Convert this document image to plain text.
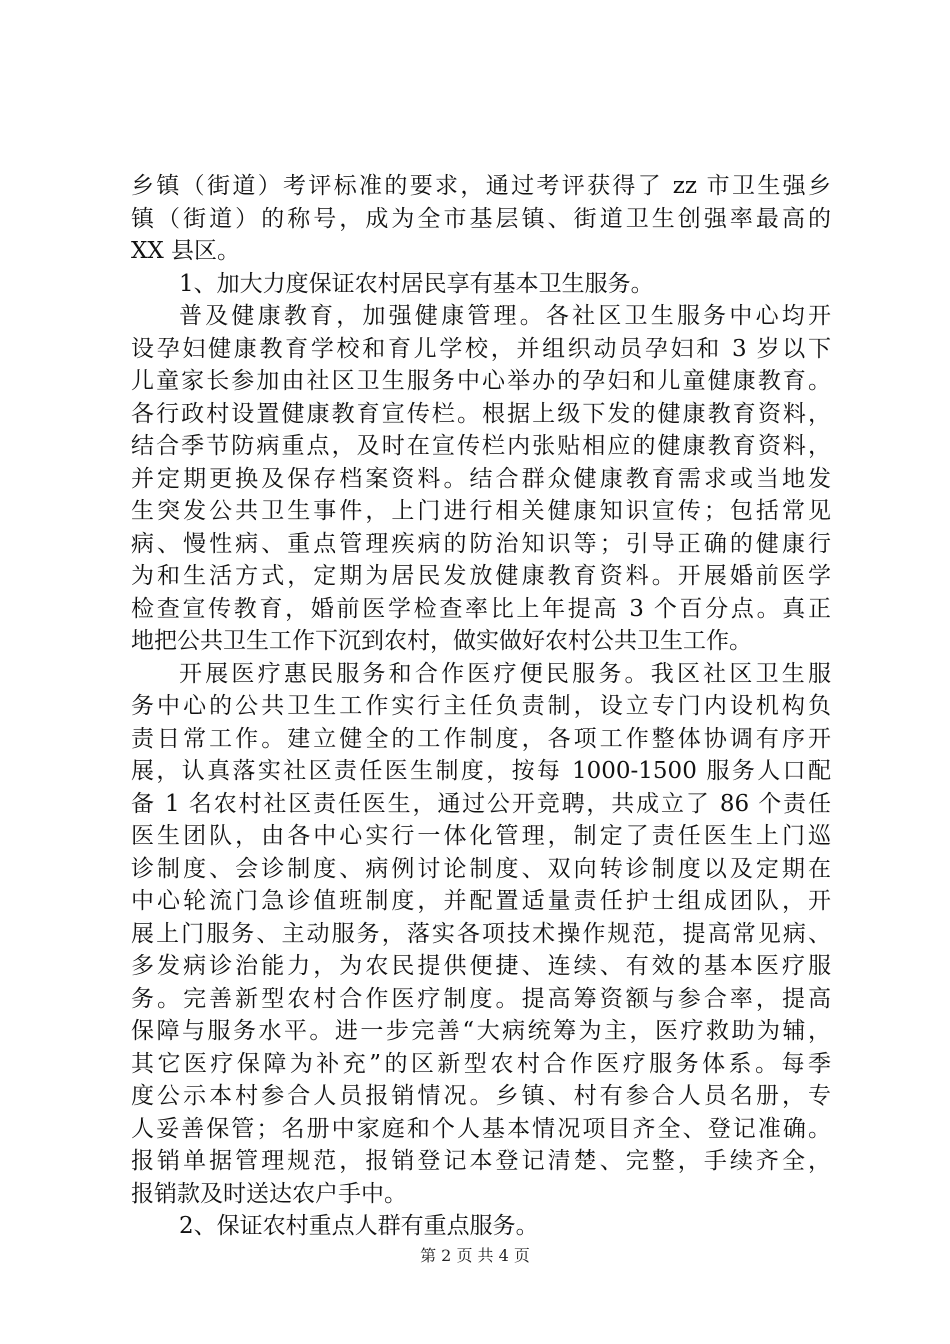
乡镇（街道）考评标准的要求，通过考评获得了 zz 市卫生强乡
镇（街道）的称号，成为全市基层镇、街道卫生创强率最高的
XX 县区。
1、加大力度保证农村居民享有基本卫生服务。
普及健康教育，加强健康管理。各社区卫生服务中心均开
设孕妇健康教育学校和育儿学校，并组织动员孕妇和 3 岁以下
儿童家长参加由社区卫生服务中心举办的孕妇和儿童健康教育。
各行政村设置健康教育宣传栏。根据上级下发的健康教育资料，
结合季节防病重点，及时在宣传栏内张贴相应的健康教育资料，
并定期更换及保存档案资料。结合群众健康教育需求或当地发
生突发公共卫生事件，上门进行相关健康知识宣传；包括常见
病、慢性病、重点管理疾病的防治知识等；引导正确的健康行
为和生活方式，定期为居民发放健康教育资料。开展婚前医学
检查宣传教育，婚前医学检查率比上年提高 3 个百分点。真正
地把公共卫生工作下沉到农村，做实做好农村公共卫生工作。
开展医疗惠民服务和合作医疗便民服务。我区社区卫生服
务中心的公共卫生工作实行主任负责制，设立专门内设机构负
责日常工作。建立健全的工作制度，各项工作整体协调有序开
展，认真落实社区责任医生制度，按每 1000-1500 服务人口配
备 1 名农村社区责任医生，通过公开竞聘，共成立了 86 个责任
医生团队，由各中心实行一体化管理，制定了责任医生上门巡
诊制度、会诊制度、病例讨论制度、双向转诊制度以及定期在
中心轮流门急诊值班制度，并配置适量责任护士组成团队，开
展上门服务、主动服务，落实各项技术操作规范，提高常见病、
多发病诊治能力，为农民提供便捷、连续、有效的基本医疗服
务。完善新型农村合作医疗制度。提高筹资额与参合率，提高
保障与服务水平。进一步完善“大病统筹为主，医疗救助为辅，
其它医疗保障为补充”的区新型农村合作医疗服务体系。每季
度公示本村参合人员报销情况。乡镇、村有参合人员名册，专
人妥善保管；名册中家庭和个人基本情况项目齐全、登记准确。
报销单据管理规范，报销登记本登记清楚、完整，手续齐全，
报销款及时送达农户手中。
2、保证农村重点人群有重点服务。
第 2 页 共 4 页
